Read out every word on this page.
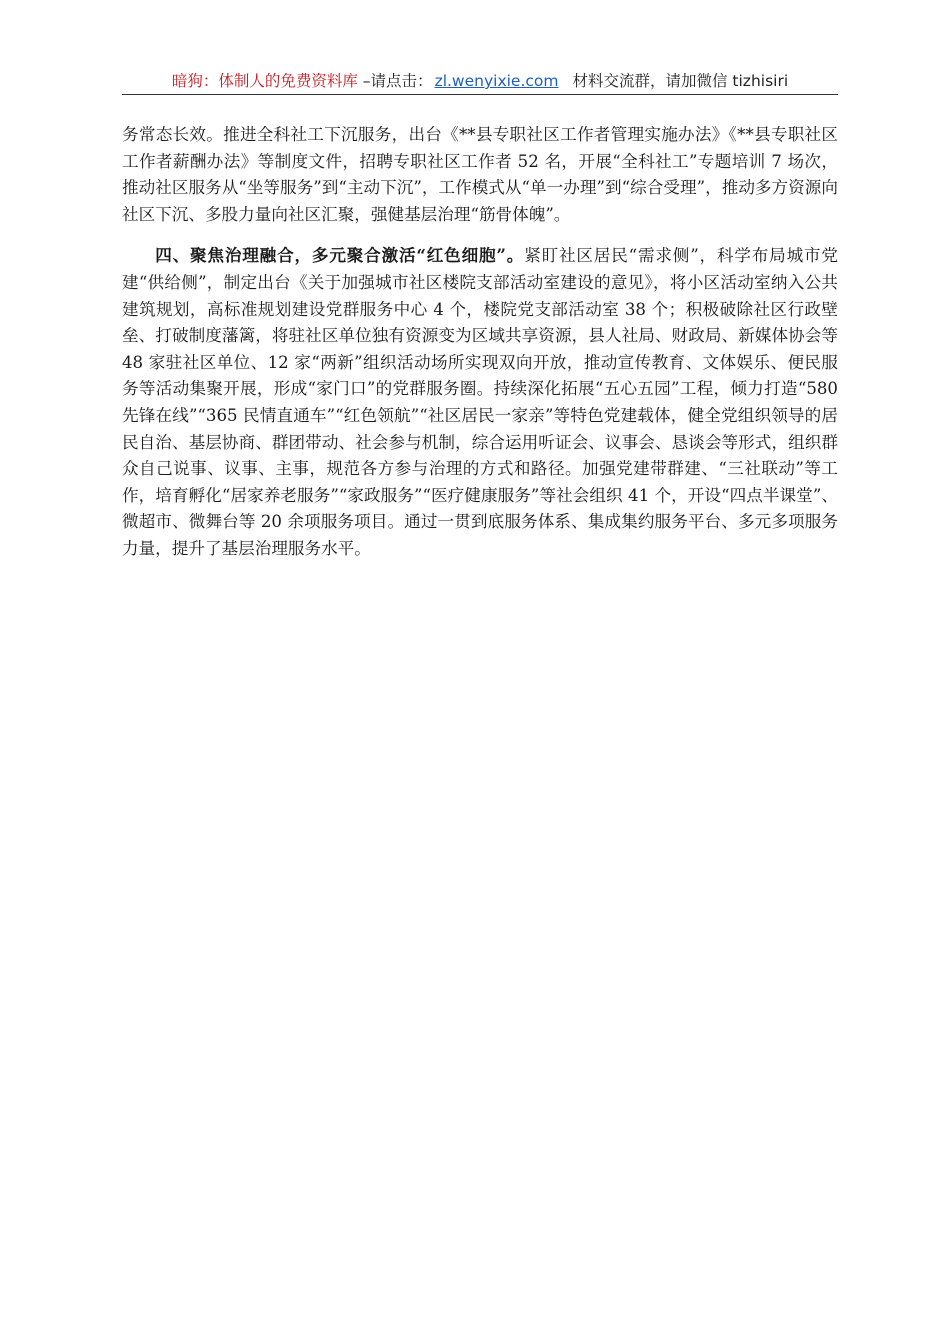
暗狗：体制人的免费资料库 –请点击： zl.wenyixie.com 材料交流群，请加微信 tizhisiri

务常态长效。推进全科社工下沉服务，出台《**县专职社区工作者管理实施办法》《**县专职社区工作者薪酬办法》等制度文件，招聘专职社区工作者 52 名，开展“全科社工”专题培训 7 场次，推动社区服务从“坐等服务”到“主动下沉”，工作模式从“单一办理”到“综合受理”，推动多方资源向社区下沉、多股力量向社区汇聚，强健基层治理“筋骨体魄”。

四、聚焦治理融合，多元聚合激活“红色细胞”。紧盯社区居民“需求侧”，科学布局城市党建“供给侧”，制定出台《关于加强城市社区楼院支部活动室建设的意见》，将小区活动室纳入公共建筑规划，高标准规划建设党群服务中心 4 个，楼院党支部活动室 38 个；积极破除社区行政壁垒、打破制度藩篱，将驻社区单位独有资源变为区域共享资源，县人社局、财政局、新媒体协会等 48 家驻社区单位、12 家“两新”组织活动场所实现双向开放，推动宣传教育、文体娱乐、便民服务等活动集聚开展，形成“家门口”的党群服务圈。持续深化拓展“五心五园”工程，倾力打造“580 先锋在线”“365 民情直通车”“红色领航”“社区居民一家亲”等特色党建载体，健全党组织领导的居民自治、基层协商、群团带动、社会参与机制，综合运用听证会、议事会、恳谈会等形式，组织群众自己说事、议事、主事，规范各方参与治理的方式和路径。加强党建带群建、“三社联动”等工作，培育孵化“居家养老服务”“家政服务”“医疗健康服务”等社会组织 41 个，开设“四点半课堂”、微超市、微舞台等 20 余项服务项目。通过一贯到底服务体系、集成集约服务平台、多元多项服务力量，提升了基层治理服务水平。
